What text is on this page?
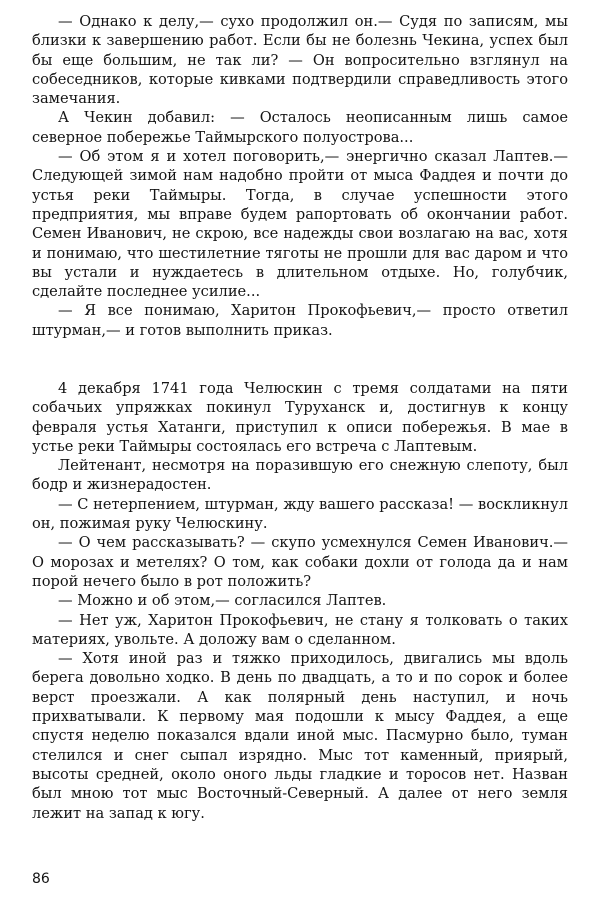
— Однако к делу,— сухо продолжил он.— Судя по записям, мы близки к завершению работ. Если бы не болезнь Чекина, успех был бы еще большим, не так ли? — Он вопросительно взглянул на собеседников, которые кивками подтвердили справедливость этого замечания.

А Чекин добавил: — Осталось неописанным лишь самое северное побережье Таймырского полуострова...

— Об этом я и хотел поговорить,— энергично сказал Лаптев.— Следующей зимой нам надобно пройти от мыса Фаддея и почти до устья реки Таймыры. Тогда, в случае успешности этого предприятия, мы вправе будем рапортовать об окончании работ. Семен Иванович, не скрою, все надежды свои возлагаю на вас, хотя и понимаю, что шестилетние тяготы не прошли для вас даром и что вы устали и нуждаетесь в длительном отдыхе. Но, голубчик, сделайте последнее усилие...

— Я все понимаю, Харитон Прокофьевич,— просто ответил штурман,— и готов выполнить приказ.

4 декабря 1741 года Челюскин с тремя солдатами на пяти собачьих упряжках покинул Туруханск и, достигнув к концу февраля устья Хатанги, приступил к описи побережья. В мае в устье реки Таймыры состоялась его встреча с Лаптевым.

Лейтенант, несмотря на поразившую его снежную слепоту, был бодр и жизнерадостен.

— С нетерпением, штурман, жду вашего рассказа! — воскликнул он, пожимая руку Челюскину.

— О чем рассказывать? — скупо усмехнулся Семен Иванович.— О морозах и метелях? О том, как собаки дохли от голода да и нам порой нечего было в рот положить?

— Можно и об этом,— согласился Лаптев.

— Нет уж, Харитон Прокофьевич, не стану я толковать о таких материях, увольте. А доложу вам о сделанном.

— Хотя иной раз и тяжко приходилось, двигались мы вдоль берега довольно ходко. В день по двадцать, а то и по сорок и более верст проезжали. А как полярный день наступил, и ночь прихватывали. К первому мая подошли к мысу Фаддея, а еще спустя неделю показался вдали иной мыс. Пасмурно было, туман стелился и снег сыпал изрядно. Мыс тот каменный, приярый, высоты средней, около оного льды гладкие и торосов нет. Назван был мною тот мыс Восточный-Северный. А далее от него земля лежит на запад к югу.

86
